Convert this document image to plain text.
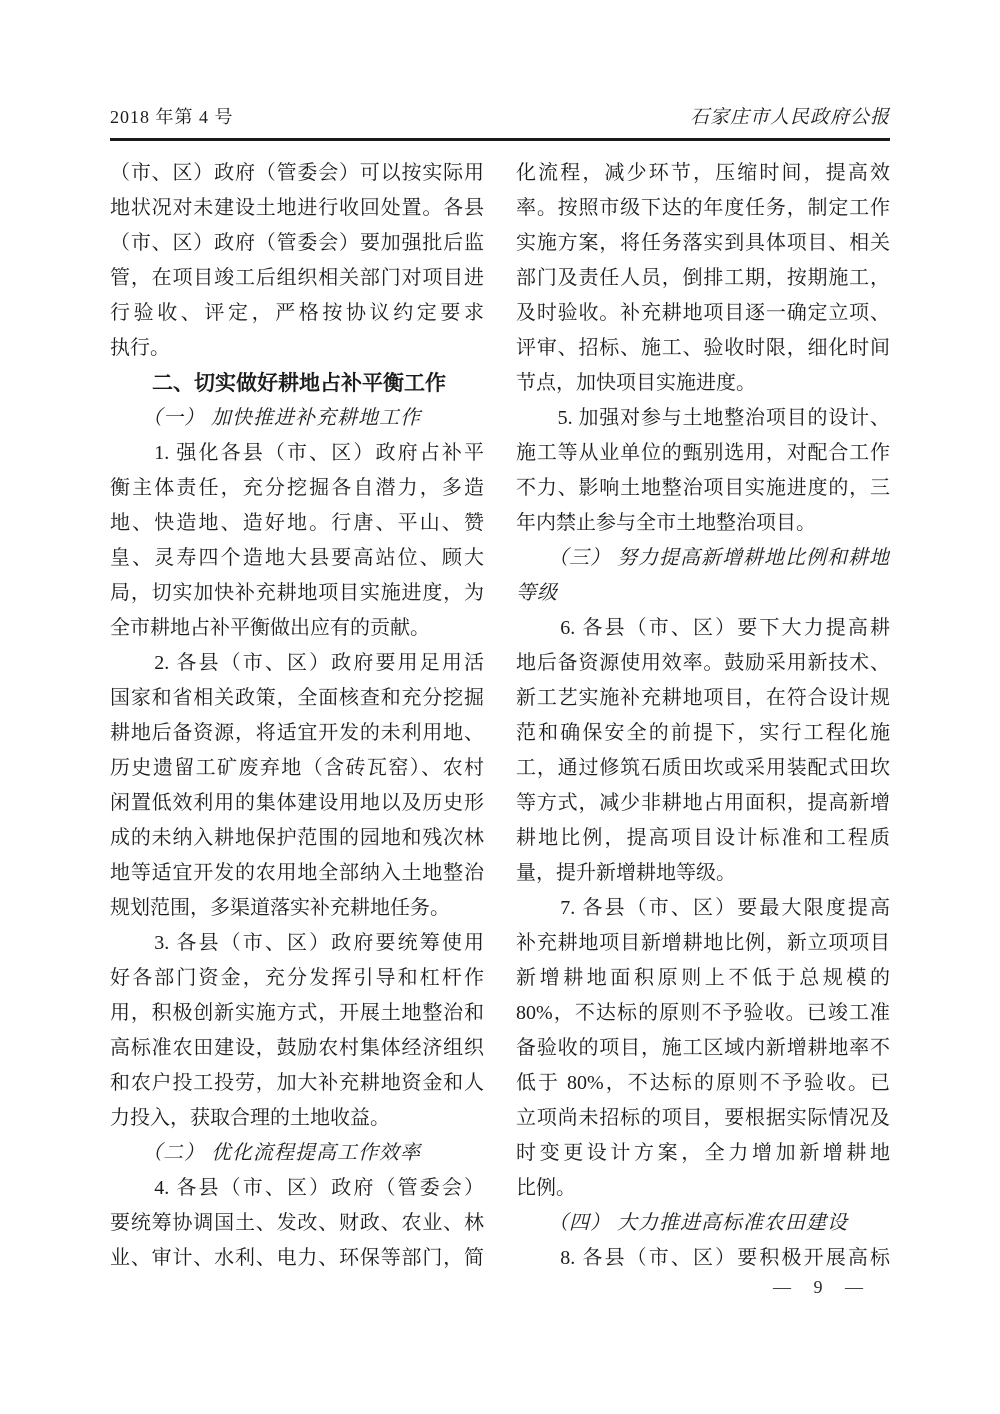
2018 年第 4 号	石家庄市人民政府公报
（市、区）政府（管委会）可以按实际用
地状况对未建设土地进行收回处置。各县
（市、区）政府（管委会）要加强批后监
管，在项目竣工后组织相关部门对项目进
行验收、评定，严格按协议约定要求
执行。
　　二、切实做好耕地占补平衡工作
　　（一） 加快推进补充耕地工作
　　1. 强化各县（市、区）政府占补平
衡主体责任，充分挖掘各自潜力，多造
地、快造地、造好地。行唐、平山、赞
皇、灵寿四个造地大县要高站位、顾大
局，切实加快补充耕地项目实施进度，为
全市耕地占补平衡做出应有的贡献。
　　2. 各县（市、区）政府要用足用活
国家和省相关政策，全面核查和充分挖掘
耕地后备资源，将适宜开发的未利用地、
历史遗留工矿废弃地（含砖瓦窑）、农村
闲置低效利用的集体建设用地以及历史形
成的未纳入耕地保护范围的园地和残次林
地等适宜开发的农用地全部纳入土地整治
规划范围，多渠道落实补充耕地任务。
　　3. 各县（市、区）政府要统筹使用
好各部门资金，充分发挥引导和杠杆作
用，积极创新实施方式，开展土地整治和
高标准农田建设，鼓励农村集体经济组织
和农户投工投劳，加大补充耕地资金和人
力投入，获取合理的土地收益。
　　（二） 优化流程提高工作效率
　　4. 各县（市、区）政府（管委会）
要统筹协调国土、发改、财政、农业、林
业、审计、水利、电力、环保等部门，简
化流程，减少环节，压缩时间，提高效
率。按照市级下达的年度任务，制定工作
实施方案，将任务落实到具体项目、相关
部门及责任人员，倒排工期，按期施工，
及时验收。补充耕地项目逐一确定立项、
评审、招标、施工、验收时限，细化时间
节点，加快项目实施进度。
　　5. 加强对参与土地整治项目的设计、
施工等从业单位的甄别选用，对配合工作
不力、影响土地整治项目实施进度的，三
年内禁止参与全市土地整治项目。
　　（三） 努力提高新增耕地比例和耕地
等级
　　6. 各县（市、区）要下大力提高耕
地后备资源使用效率。鼓励采用新技术、
新工艺实施补充耕地项目，在符合设计规
范和确保安全的前提下，实行工程化施
工，通过修筑石质田坎或采用装配式田坎
等方式，减少非耕地占用面积，提高新增
耕地比例，提高项目设计标准和工程质
量，提升新增耕地等级。
　　7. 各县（市、区）要最大限度提高
补充耕地项目新增耕地比例，新立项项目
新增耕地面积原则上不低于总规模的
80%，不达标的原则不予验收。已竣工准
备验收的项目，施工区域内新增耕地率不
低于 80%，不达标的原则不予验收。已
立项尚未招标的项目，要根据实际情况及
时变更设计方案，全力增加新增耕地
比例。
　　（四） 大力推进高标准农田建设
　　8. 各县（市、区）要积极开展高标
— 9 —
